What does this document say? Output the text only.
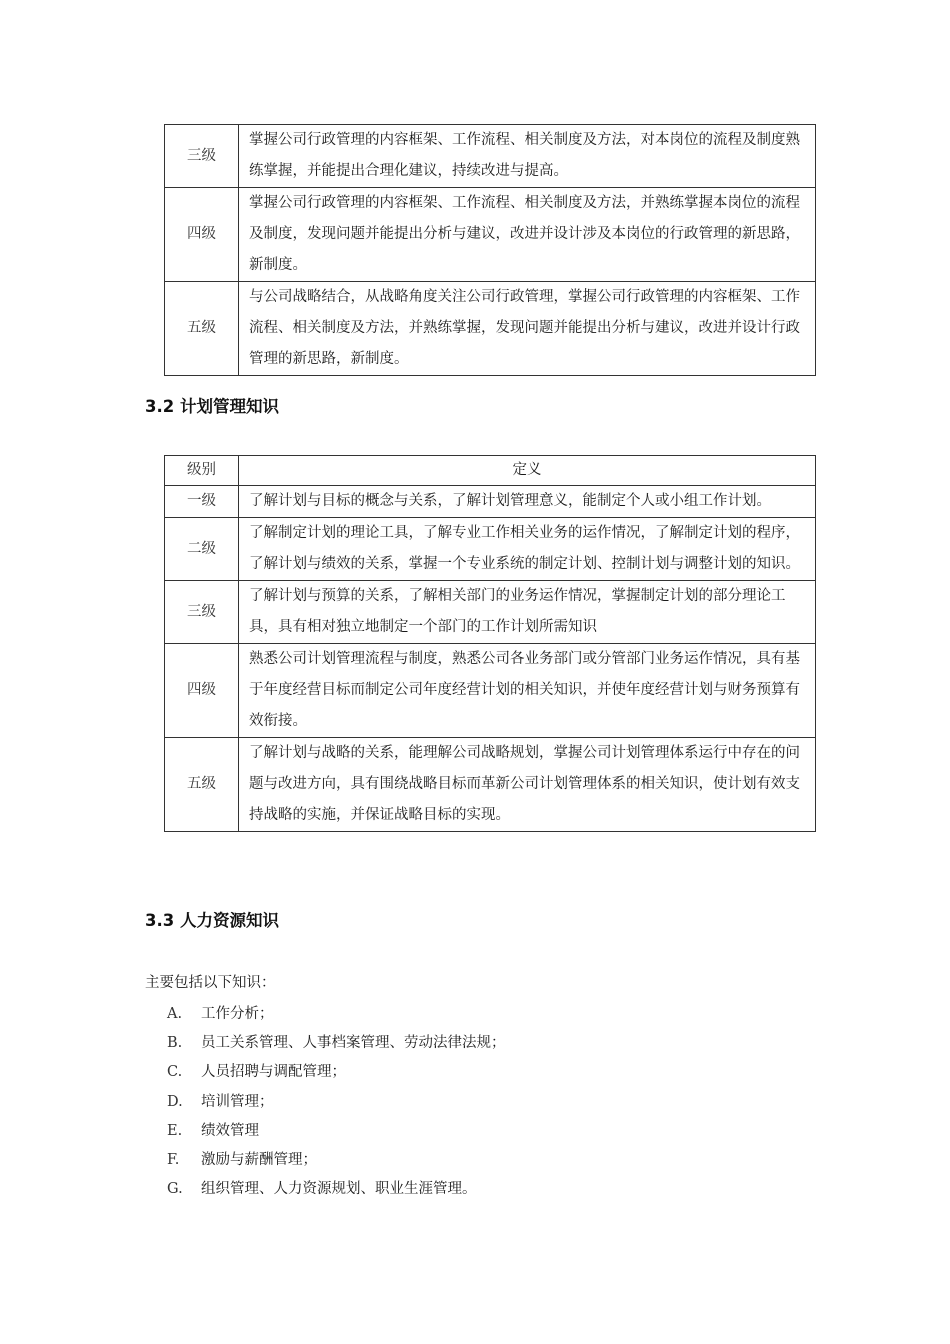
三级	掌握公司行政管理的内容框架、工作流程、相关制度及方法，对本岗位的流程及制度熟练掌握，并能提出合理化建议，持续改进与提高。
四级	掌握公司行政管理的内容框架、工作流程、相关制度及方法，并熟练掌握本岗位的流程及制度，发现问题并能提出分析与建议，改进并设计涉及本岗位的行政管理的新思路，新制度。
五级	与公司战略结合，从战略角度关注公司行政管理，掌握公司行政管理的内容框架、工作流程、相关制度及方法，并熟练掌握，发现问题并能提出分析与建议，改进并设计行政管理的新思路，新制度。
3.2 计划管理知识
级别	定义
一级	了解计划与目标的概念与关系，了解计划管理意义，能制定个人或小组工作计划。
二级	了解制定计划的理论工具，了解专业工作相关业务的运作情况，了解制定计划的程序，了解计划与绩效的关系，掌握一个专业系统的制定计划、控制计划与调整计划的知识。
三级	了解计划与预算的关系，了解相关部门的业务运作情况，掌握制定计划的部分理论工具，具有相对独立地制定一个部门的工作计划所需知识
四级	熟悉公司计划管理流程与制度，熟悉公司各业务部门或分管部门业务运作情况，具有基于年度经营目标而制定公司年度经营计划的相关知识，并使年度经营计划与财务预算有效衔接。
五级	了解计划与战略的关系，能理解公司战略规划，掌握公司计划管理体系运行中存在的问题与改进方向，具有围绕战略目标而革新公司计划管理体系的相关知识，使计划有效支持战略的实施，并保证战略目标的实现。
3.3 人力资源知识

主要包括以下知识：

A. 工作分析；
B. 员工关系管理、人事档案管理、劳动法律法规；
C. 人员招聘与调配管理；
D. 培训管理；
E. 绩效管理
F. 激励与薪酬管理；
G. 组织管理、人力资源规划、职业生涯管理。
